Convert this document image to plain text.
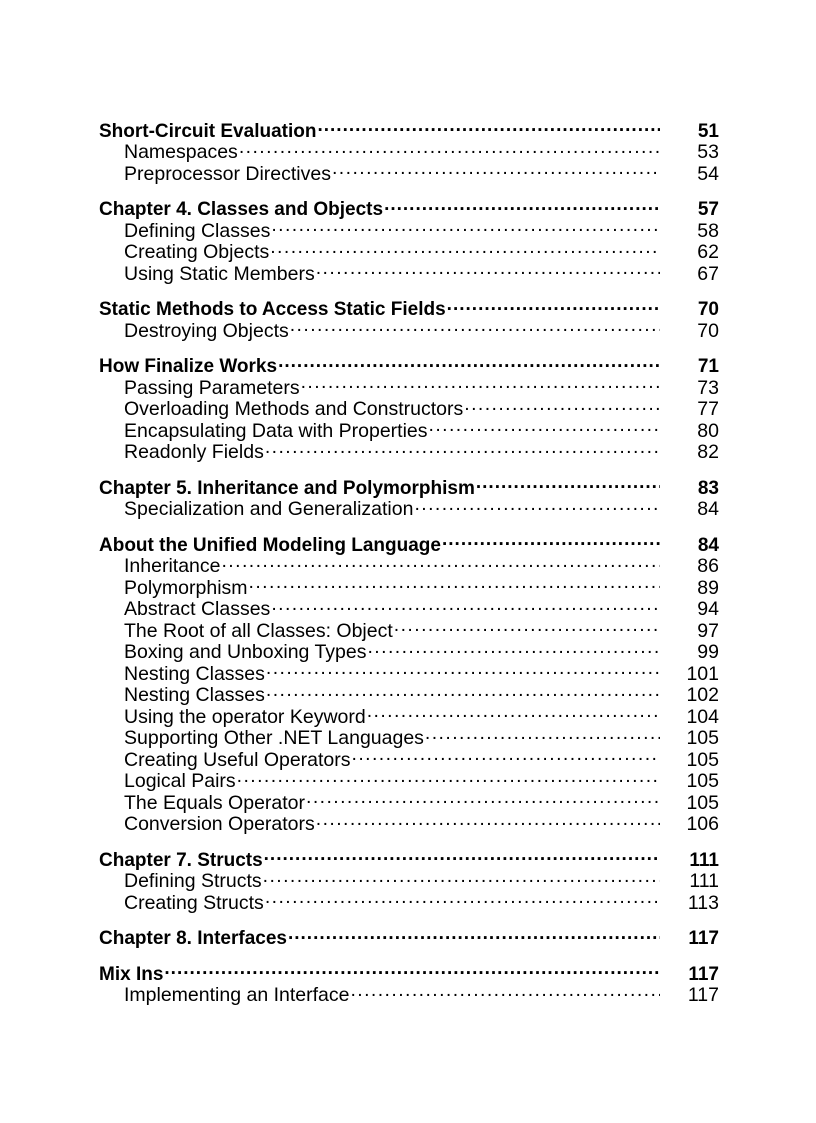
Short-Circuit Evaluation .....	51
Namespaces .....	53
Preprocessor Directives .....	54
Chapter 4. Classes and Objects .....	57
Defining Classes .....	58
Creating Objects .....	62
Using Static Members .....	67
Static Methods to Access Static Fields .....	70
Destroying Objects .....	70
How Finalize Works .....	71
Passing Parameters .....	73
Overloading Methods and Constructors .....	77
Encapsulating Data with Properties .....	80
Readonly Fields .....	82
Chapter 5. Inheritance and Polymorphism .....	83
Specialization and Generalization .....	84
About the Unified Modeling Language .....	84
Inheritance .....	86
Polymorphism .....	89
Abstract Classes .....	94
The Root of all Classes: Object .....	97
Boxing and Unboxing Types .....	99
Nesting Classes .....	101
Nesting Classes .....	102
Using the operator Keyword .....	104
Supporting Other .NET Languages .....	105
Creating Useful Operators .....	105
Logical Pairs .....	105
The Equals Operator .....	105
Conversion Operators .....	106
Chapter 7. Structs .....	111
Defining Structs .....	111
Creating Structs .....	113
Chapter 8. Interfaces .....	117
Mix Ins .....	117
Implementing an Interface .....	117
